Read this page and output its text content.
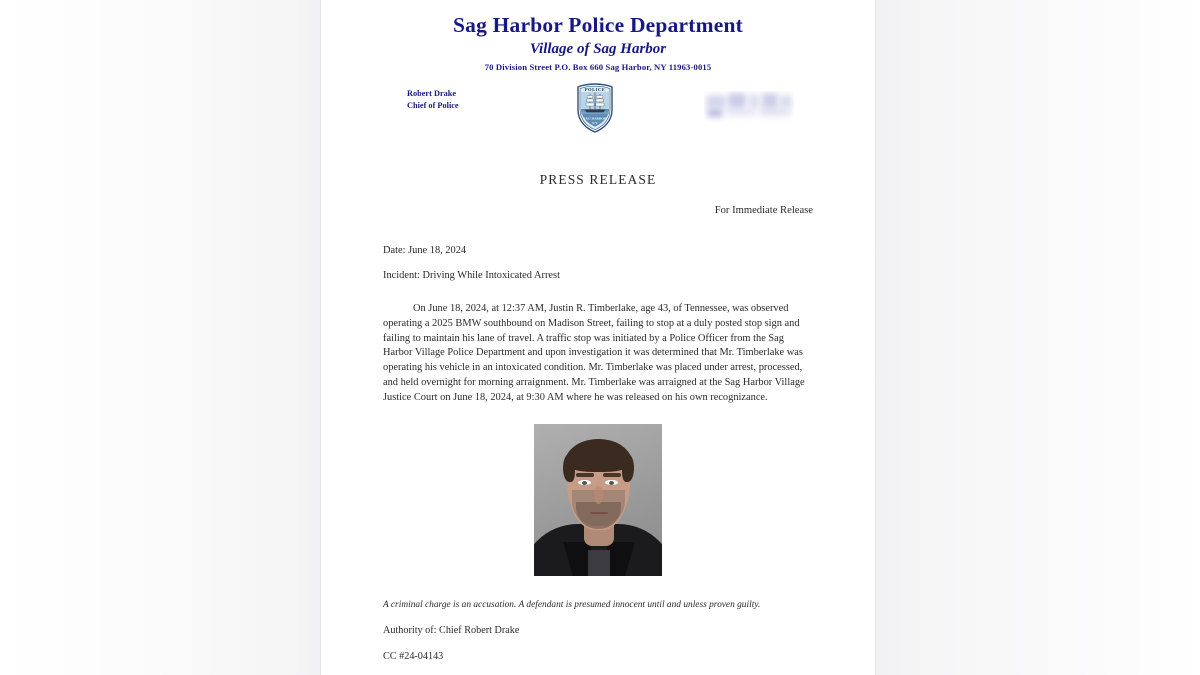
Sag Harbor Police Department
Village of Sag Harbor
70 Division Street P.O. Box 660 Sag Harbor, NY 11963-0015
Robert Drake
Chief of Police
POLICE
SAG HARBOR
N.Y.
PRESS RELEASE
For Immediate Release
Date: June 18, 2024
Incident: Driving While Intoxicated Arrest
On June 18, 2024, at 12:37 AM, Justin R. Timberlake, age 43, of Tennessee, was observed operating a 2025 BMW southbound on Madison Street, failing to stop at a duly posted stop sign and failing to maintain his lane of travel. A traffic stop was initiated by a Police Officer from the Sag Harbor Village Police Department and upon investigation it was determined that Mr. Timberlake was operating his vehicle in an intoxicated condition. Mr. Timberlake was placed under arrest, processed, and held overnight for morning arraignment. Mr. Timberlake was arraigned at the Sag Harbor Village Justice Court on June 18, 2024, at 9:30 AM where he was released on his own recognizance.
A criminal charge is an accusation. A defendant is presumed innocent until and unless proven guilty.
Authority of: Chief Robert Drake
CC #24-04143
